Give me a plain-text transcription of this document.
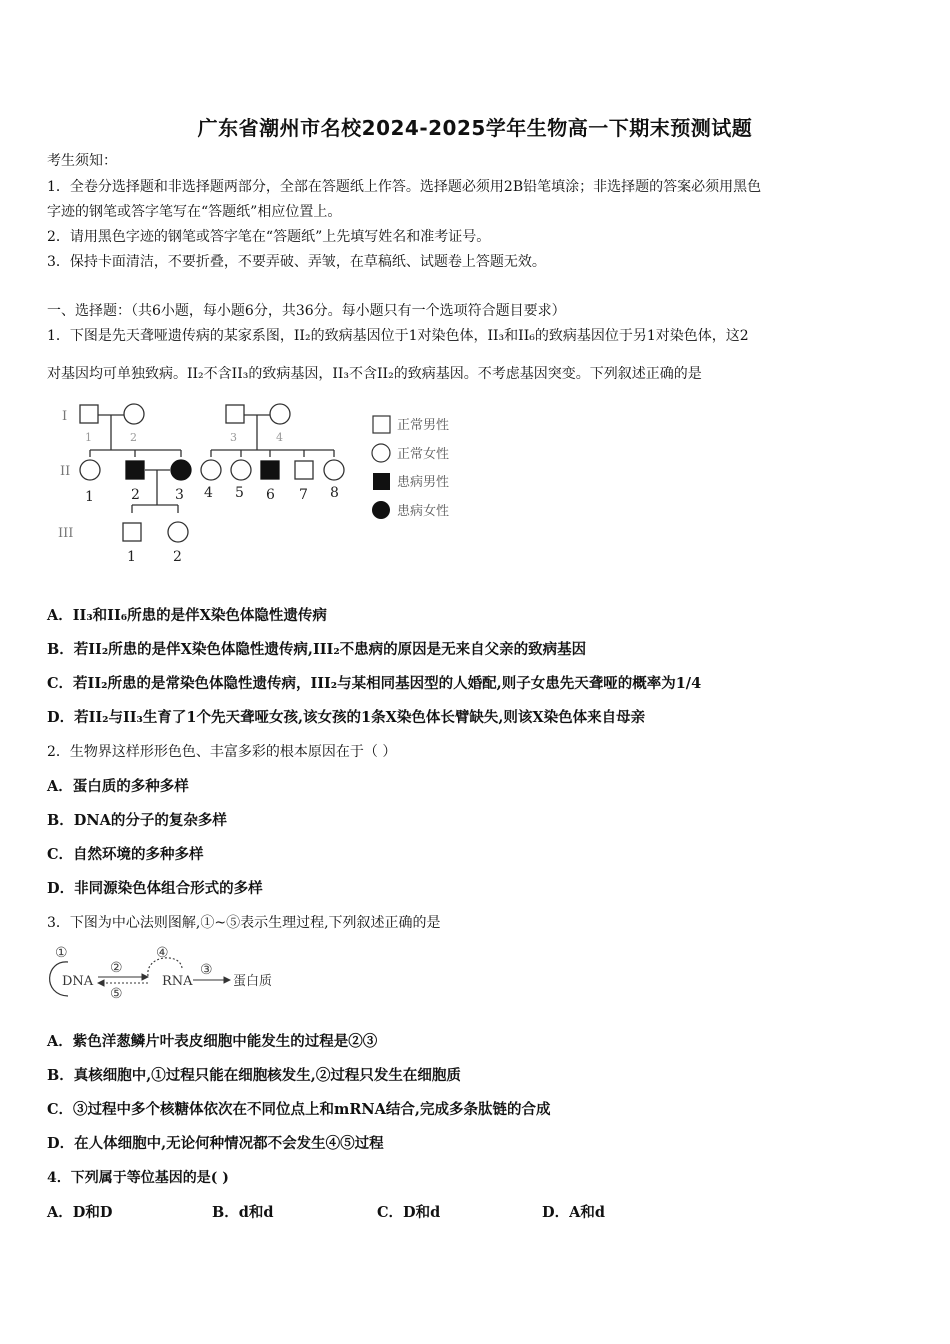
广东省潮州市名校2024-2025学年生物高一下期末预测试题
考生须知：
1．全卷分选择题和非选择题两部分，全部在答题纸上作答。选择题必须用2B铅笔填涂；非选择题的答案必须用黑色
字迹的钢笔或答字笔写在“答题纸”相应位置上。
2．请用黑色字迹的钢笔或答字笔在“答题纸”上先填写姓名和准考证号。
3．保持卡面清洁，不要折叠，不要弄破、弄皱，在草稿纸、试题卷上答题无效。
一、选择题：（共6小题，每小题6分，共36分。每小题只有一个选项符合题目要求）
1．下图是先天聋哑遗传病的某家系图，II₂的致病基因位于1对染色体，II₃和II₆的致病基因位于另1对染色体，这2
对基因均可单独致病。II₂不含II₃的致病基因，II₃不含II₂的致病基因。不考虑基因突变。下列叙述正确的是
I
II
III
1	2	3	4
1	2	3 4 5 6 7 8
1	2
正常男性
正常女性
患病男性
患病女性
A．II₃和II₆所患的是伴X染色体隐性遗传病
B．若II₂所患的是伴X染色体隐性遗传病,III₂不患病的原因是无来自父亲的致病基因
C．若II₂所患的是常染色体隐性遗传病，III₂与某相同基因型的人婚配,则子女患先天聋哑的概率为1/4
D．若II₂与II₃生育了1个先天聋哑女孩,该女孩的1条X染色体长臂缺失,则该X染色体来自母亲
2．生物界这样形形色色、丰富多彩的根本原因在于（ ）
A．蛋白质的多种多样
B．DNA的分子的复杂多样
C．自然环境的多种多样
D．非同源染色体组合形式的多样
3．下图为中心法则图解,①~⑤表示生理过程,下列叙述正确的是
①
DNA
②
⑤
④
RNA
③
蛋白质
A．紫色洋葱鳞片叶表皮细胞中能发生的过程是②③
B．真核细胞中,①过程只能在细胞核发生,②过程只发生在细胞质
C．③过程中多个核糖体依次在不同位点上和mRNA结合,完成多条肽链的合成
D．在人体细胞中,无论何种情况都不会发生④⑤过程
4．下列属于等位基因的是( )
A．D和D	B．d和d	C．D和d	D．A和d
